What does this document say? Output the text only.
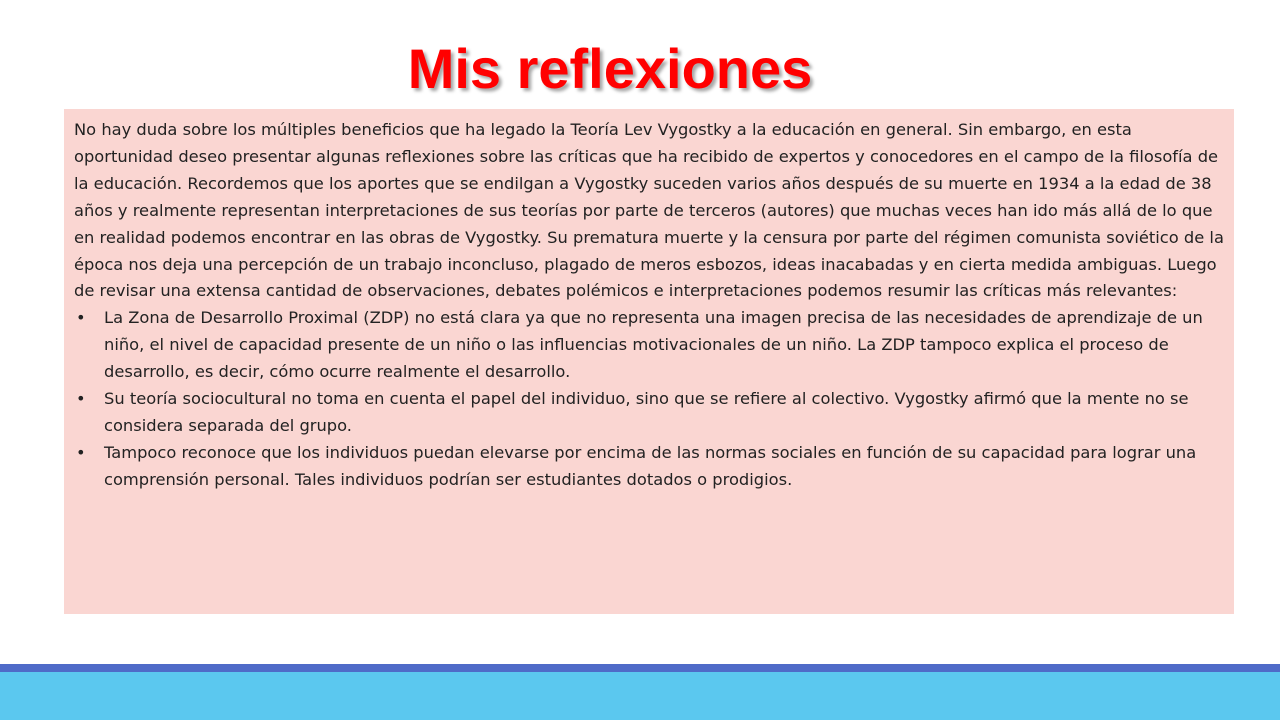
Mis reflexiones

No hay duda sobre los múltiples beneficios que ha legado la Teoría Lev Vygostky a la educación en general. Sin embargo, en esta oportunidad deseo presentar algunas reflexiones sobre las críticas que ha recibido de expertos y conocedores en el campo de la filosofía de la educación. Recordemos que los aportes que se endilgan a Vygostky suceden varios años después de su muerte en 1934 a la edad de 38 años y realmente representan interpretaciones de sus teorías por parte de terceros (autores) que muchas veces han ido más allá de lo que en realidad podemos encontrar en las obras de Vygostky. Su prematura muerte y la censura por parte del régimen comunista soviético de la época nos deja una percepción de un trabajo inconcluso, plagado de meros esbozos, ideas inacabadas y en cierta medida ambiguas. Luego de revisar una extensa cantidad de observaciones, debates polémicos e interpretaciones podemos resumir las críticas más relevantes:

• La Zona de Desarrollo Proximal (ZDP) no está clara ya que no representa una imagen precisa de las necesidades de aprendizaje de un niño, el nivel de capacidad presente de un niño o las influencias motivacionales de un niño. La ZDP tampoco explica el proceso de desarrollo, es decir, cómo ocurre realmente el desarrollo.
• Su teoría sociocultural no toma en cuenta el papel del individuo, sino que se refiere al colectivo. Vygostky afirmó que la mente no se considera separada del grupo.
• Tampoco reconoce que los individuos puedan elevarse por encima de las normas sociales en función de su capacidad para lograr una comprensión personal. Tales individuos podrían ser estudiantes dotados o prodigios.
